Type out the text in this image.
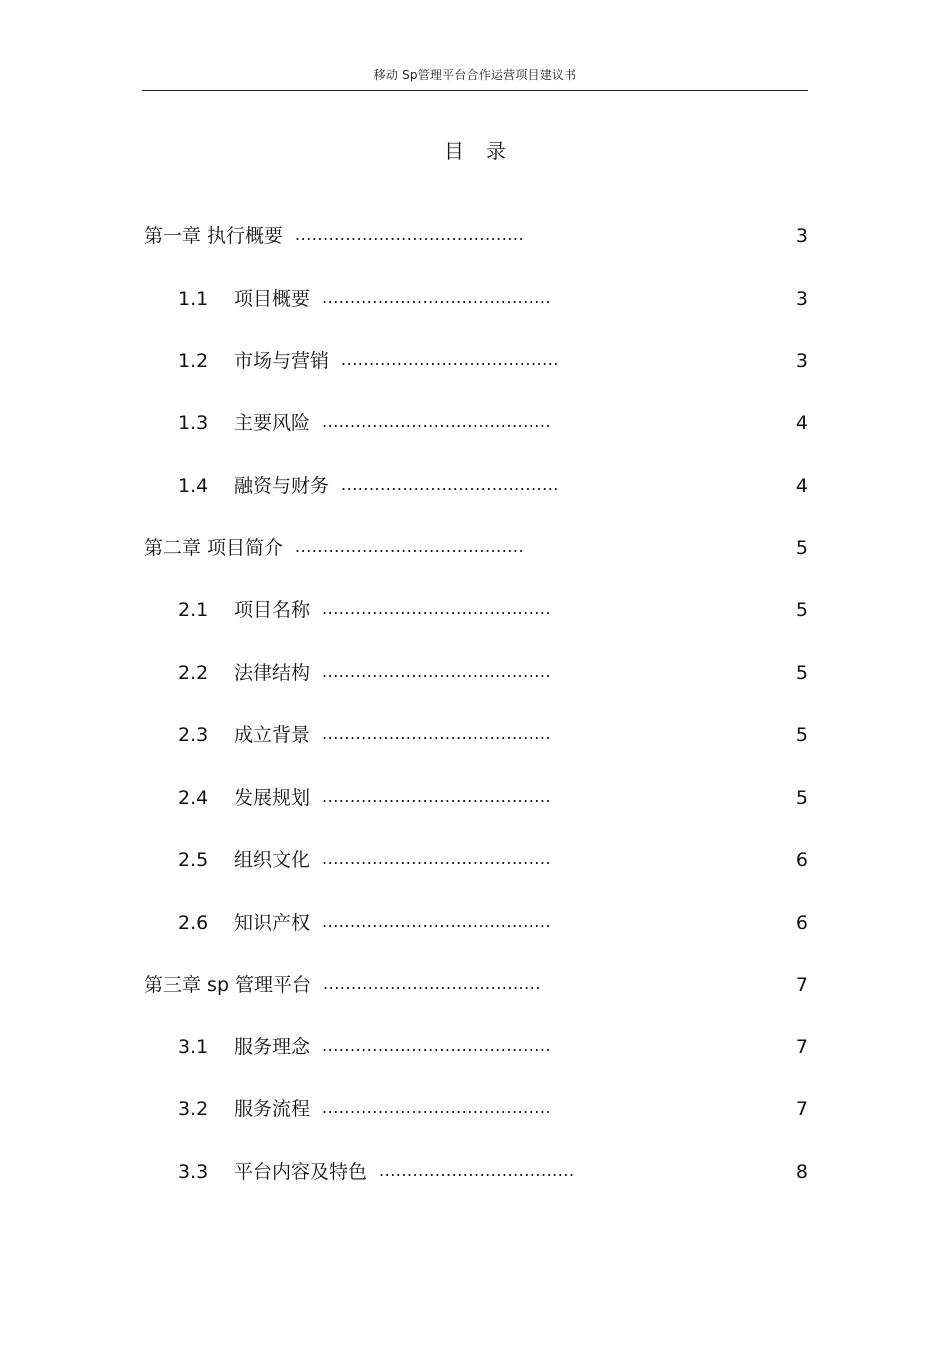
移动 Sp管理平台合作运营项目建议书
目录
第一章 执行概要 .........................................	3
1.1 项目概要 .........................................	3
1.2 市场与营销 .......................................	3
1.3 主要风险 .........................................	4
1.4 融资与财务 .......................................	4
第二章 项目简介 .........................................	5
2.1 项目名称 .........................................	5
2.2 法律结构 .........................................	5
2.3 成立背景 .........................................	5
2.4 发展规划 .........................................	5
2.5 组织文化 .........................................	6
2.6 知识产权 .........................................	6
第三章 sp 管理平台 .......................................	7
3.1 服务理念 .........................................	7
3.2 服务流程 .........................................	7
3.3 平台内容及特色 ...................................	8
